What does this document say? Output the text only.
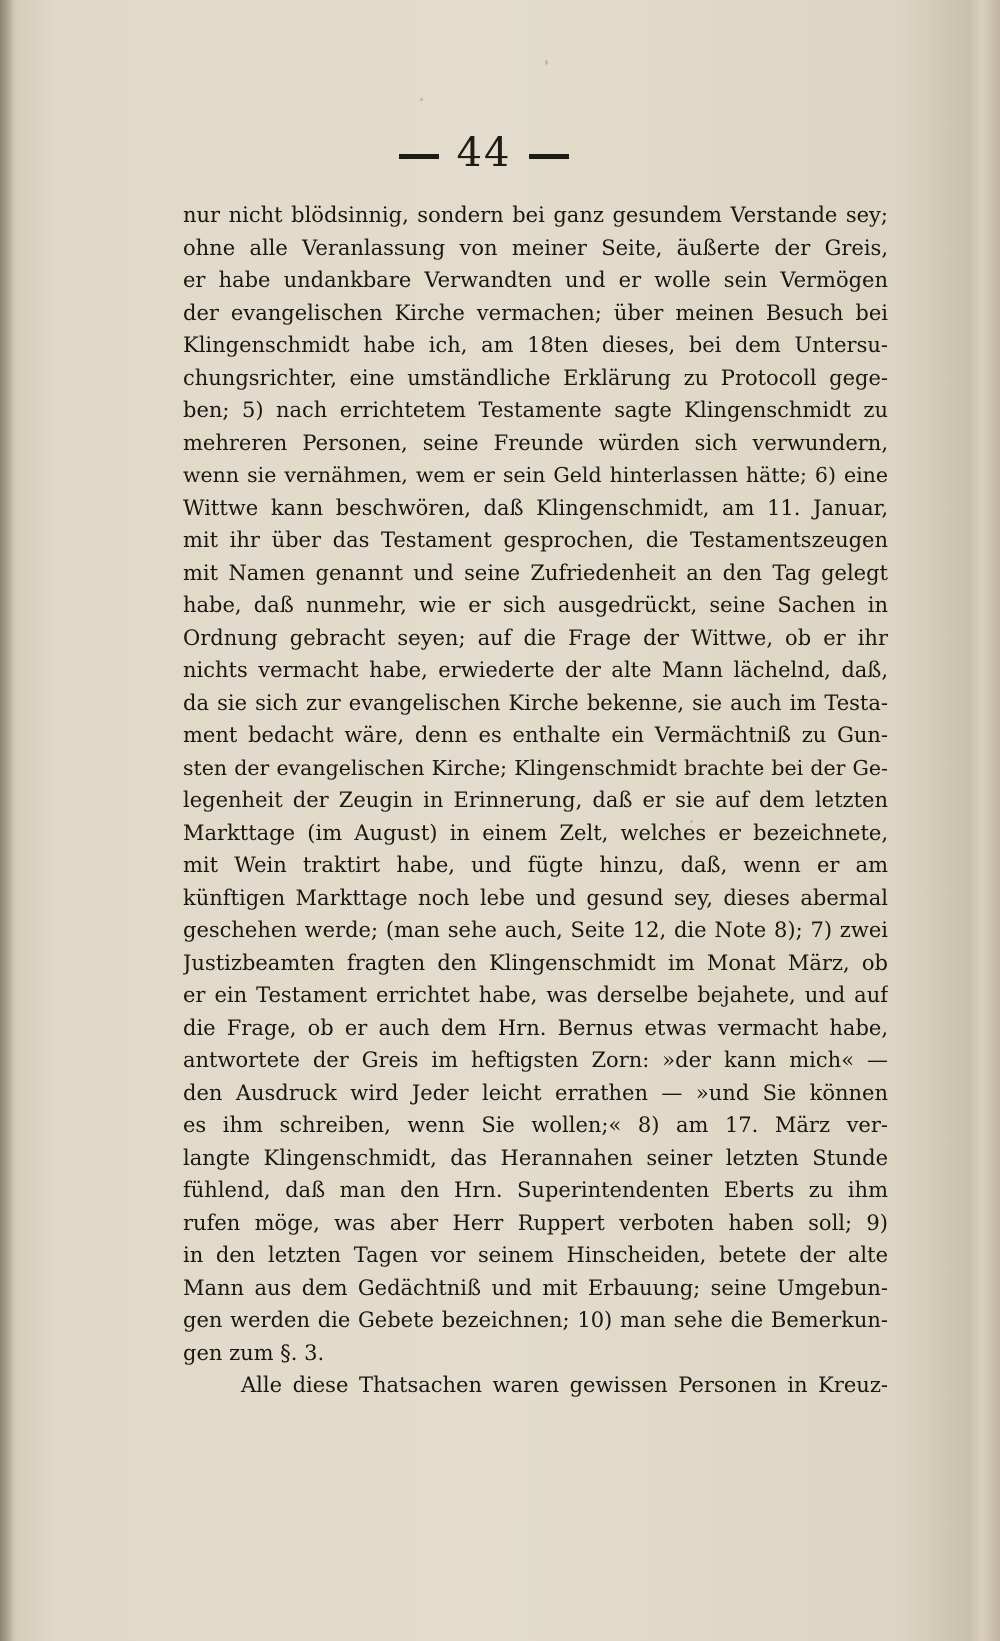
44
nur nicht blödsinnig, sondern bei ganz gesundem Verstande sey;
ohne alle Veranlassung von meiner Seite, äußerte der Greis,
er habe undankbare Verwandten und er wolle sein Vermögen
der evangelischen Kirche vermachen; über meinen Besuch bei
Klingenschmidt habe ich, am 18ten dieses, bei dem Untersu-
chungsrichter, eine umständliche Erklärung zu Protocoll gege-
ben; 5) nach errichtetem Testamente sagte Klingenschmidt zu
mehreren Personen, seine Freunde würden sich verwundern,
wenn sie vernähmen, wem er sein Geld hinterlassen hätte; 6) eine
Wittwe kann beschwören, daß Klingenschmidt, am 11. Januar,
mit ihr über das Testament gesprochen, die Testamentszeugen
mit Namen genannt und seine Zufriedenheit an den Tag gelegt
habe, daß nunmehr, wie er sich ausgedrückt, seine Sachen in
Ordnung gebracht seyen; auf die Frage der Wittwe, ob er ihr
nichts vermacht habe, erwiederte der alte Mann lächelnd, daß,
da sie sich zur evangelischen Kirche bekenne, sie auch im Testa-
ment bedacht wäre, denn es enthalte ein Vermächtniß zu Gun-
sten der evangelischen Kirche; Klingenschmidt brachte bei der Ge-
legenheit der Zeugin in Erinnerung, daß er sie auf dem letzten
Markttage (im August) in einem Zelt, welches er bezeichnete,
mit Wein traktirt habe, und fügte hinzu, daß, wenn er am
künftigen Markttage noch lebe und gesund sey, dieses abermal
geschehen werde; (man sehe auch, Seite 12, die Note 8); 7) zwei
Justizbeamten fragten den Klingenschmidt im Monat März, ob
er ein Testament errichtet habe, was derselbe bejahete, und auf
die Frage, ob er auch dem Hrn. Bernus etwas vermacht habe,
antwortete der Greis im heftigsten Zorn: »der kann mich« —
den Ausdruck wird Jeder leicht errathen — »und Sie können
es ihm schreiben, wenn Sie wollen;« 8) am 17. März ver-
langte Klingenschmidt, das Herannahen seiner letzten Stunde
fühlend, daß man den Hrn. Superintendenten Eberts zu ihm
rufen möge, was aber Herr Ruppert verboten haben soll; 9)
in den letzten Tagen vor seinem Hinscheiden, betete der alte
Mann aus dem Gedächtniß und mit Erbauung; seine Umgebun-
gen werden die Gebete bezeichnen; 10) man sehe die Bemerkun-
gen zum §. 3.
Alle diese Thatsachen waren gewissen Personen in Kreuz-
